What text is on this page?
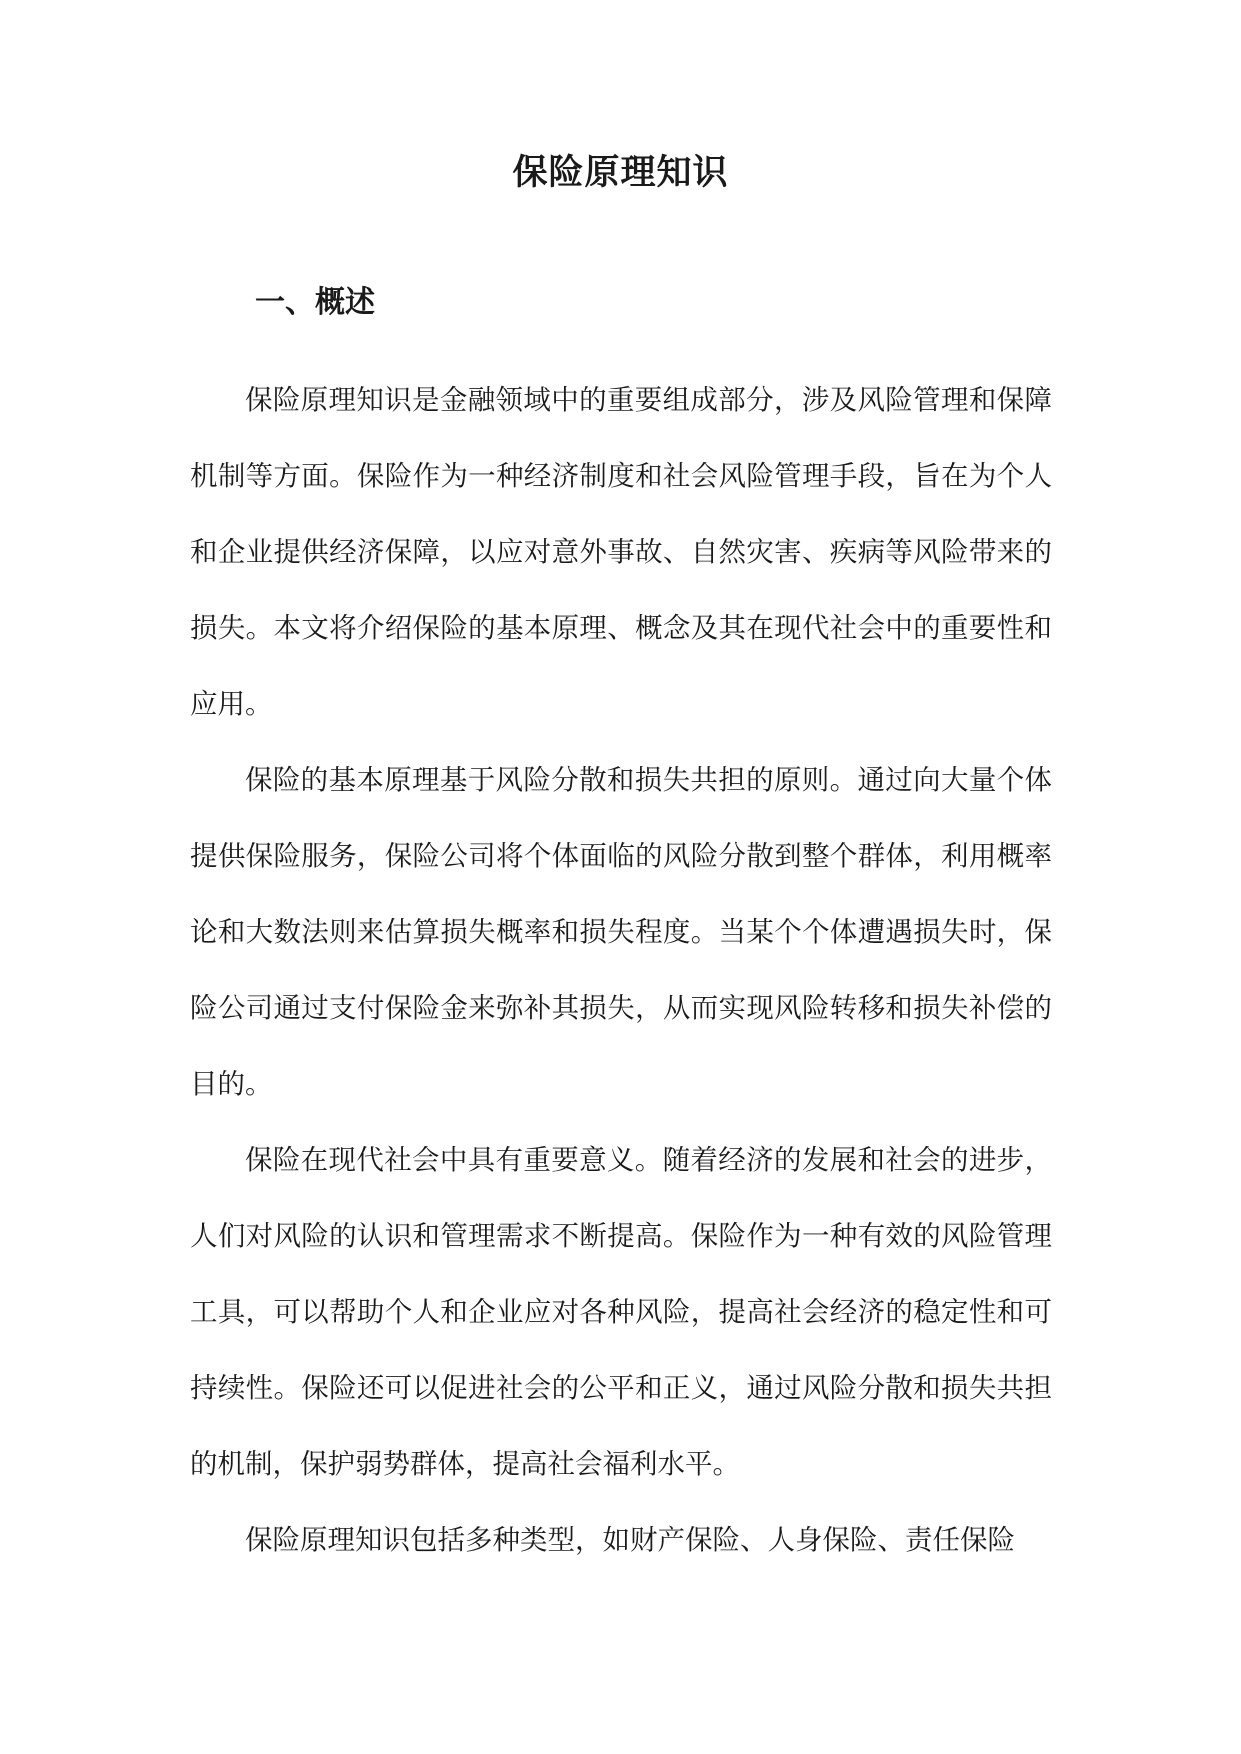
保险原理知识
一、概述

保险原理知识是金融领域中的重要组成部分，涉及风险管理和保障机制等方面。保险作为一种经济制度和社会风险管理手段，旨在为个人和企业提供经济保障，以应对意外事故、自然灾害、疾病等风险带来的损失。本文将介绍保险的基本原理、概念及其在现代社会中的重要性和应用。

保险的基本原理基于风险分散和损失共担的原则。通过向大量个体提供保险服务，保险公司将个体面临的风险分散到整个群体，利用概率论和大数法则来估算损失概率和损失程度。当某个个体遭遇损失时，保险公司通过支付保险金来弥补其损失，从而实现风险转移和损失补偿的目的。

保险在现代社会中具有重要意义。随着经济的发展和社会的进步，人们对风险的认识和管理需求不断提高。保险作为一种有效的风险管理工具，可以帮助个人和企业应对各种风险，提高社会经济的稳定性和可持续性。保险还可以促进社会的公平和正义，通过风险分散和损失共担的机制，保护弱势群体，提高社会福利水平。

保险原理知识包括多种类型，如财产保险、人身保险、责任保险
